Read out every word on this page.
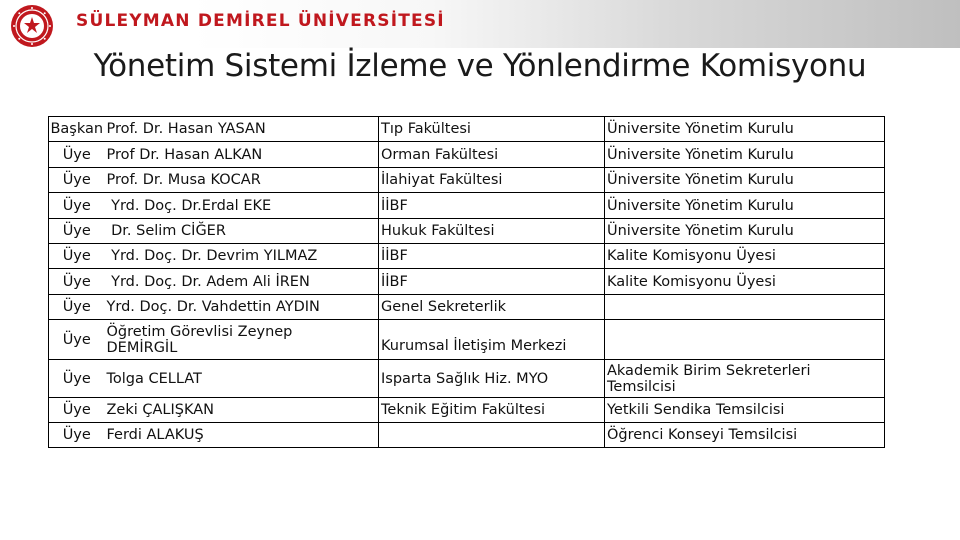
SÜLEYMAN DEMİREL ÜNİVERSİTESİ
Yönetim Sistemi İzleme ve Yönlendirme Komisyonu
Başkan	Prof. Dr. Hasan YASAN	Tıp Fakültesi	Üniversite Yönetim Kurulu
Üye	Prof Dr. Hasan ALKAN	Orman Fakültesi	Üniversite Yönetim Kurulu
Üye	Prof. Dr. Musa KOCAR	İlahiyat Fakültesi	Üniversite Yönetim Kurulu
Üye	Yrd. Doç. Dr.Erdal EKE	İİBF	Üniversite Yönetim Kurulu
Üye	Dr. Selim CİĞER	Hukuk Fakültesi	Üniversite Yönetim Kurulu
Üye	Yrd. Doç. Dr. Devrim YILMAZ	İİBF	Kalite Komisyonu Üyesi
Üye	Yrd. Doç. Dr. Adem Ali İREN	İİBF	Kalite Komisyonu Üyesi
Üye	Yrd. Doç. Dr. Vahdettin AYDIN	Genel Sekreterlik	
Üye	Öğretim Görevlisi Zeynep DEMİRGİL	Kurumsal İletişim Merkezi	
Üye	Tolga CELLAT	Isparta Sağlık Hiz. MYO	Akademik Birim Sekreterleri Temsilcisi
Üye	Zeki ÇALIŞKAN	Teknik Eğitim Fakültesi	Yetkili Sendika Temsilcisi
Üye	Ferdi ALAKUŞ		Öğrenci Konseyi Temsilcisi
